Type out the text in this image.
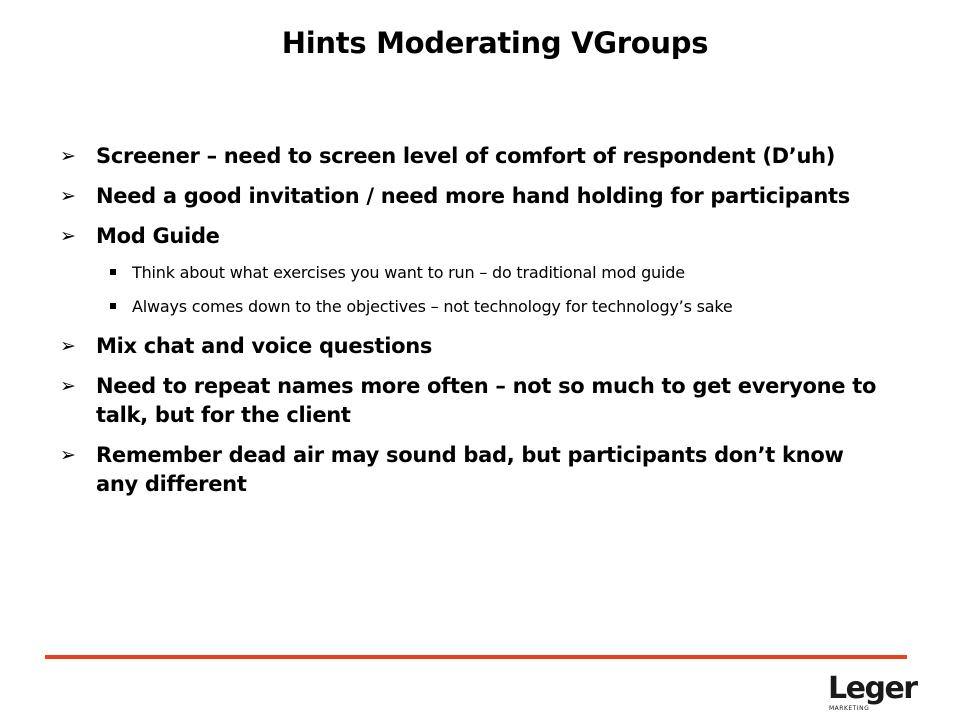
Hints Moderating VGroups
➢ Screener – need to screen level of comfort of respondent (D’uh)
➢ Need a good invitation / need more hand holding for participants
➢ Mod Guide
Think about what exercises you want to run – do traditional mod guide
Always comes down to the objectives – not technology for technology’s sake
➢ Mix chat and voice questions
➢ Need to repeat names more often – not so much to get everyone to talk, but for the client
➢ Remember dead air may sound bad, but participants don’t know any different
Leger
MARKETING
